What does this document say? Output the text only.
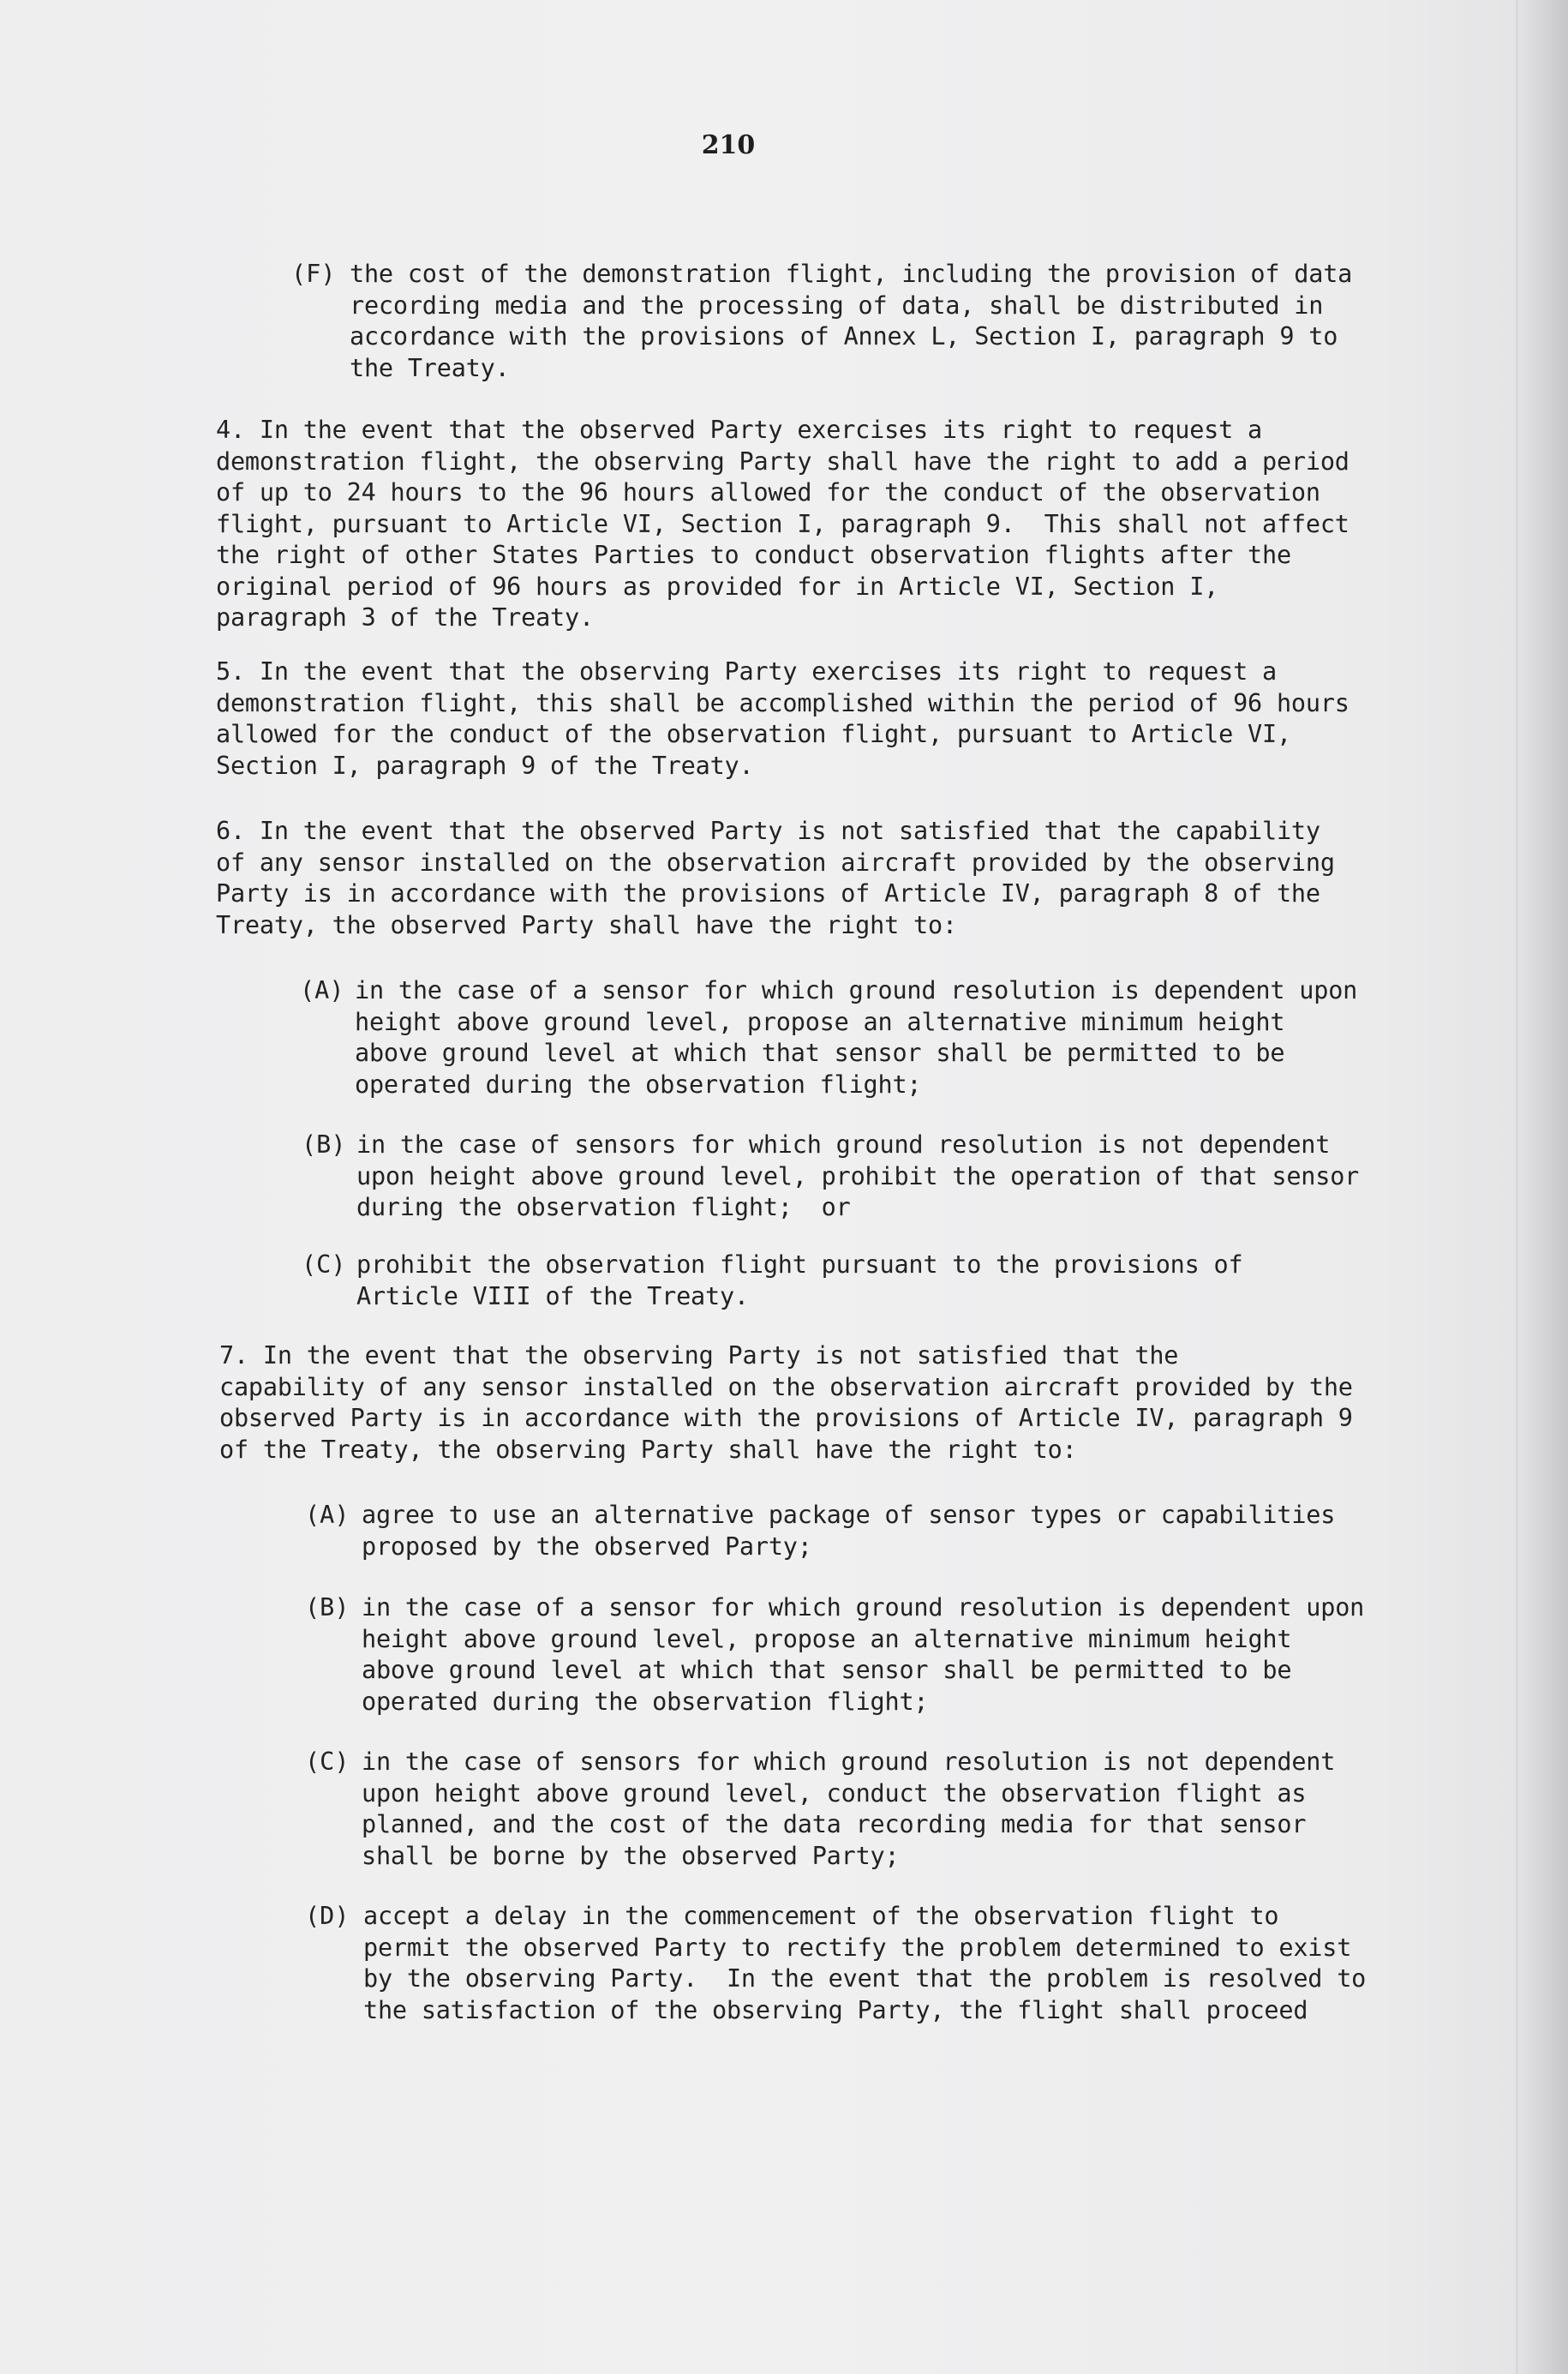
210
(F) the cost of the demonstration flight, including the provision of data
recording media and the processing of data, shall be distributed in
accordance with the provisions of Annex L, Section I, paragraph 9 to
the Treaty.
4. In the event that the observed Party exercises its right to request a
demonstration flight, the observing Party shall have the right to add a period
of up to 24 hours to the 96 hours allowed for the conduct of the observation
flight, pursuant to Article VI, Section I, paragraph 9.  This shall not affect
the right of other States Parties to conduct observation flights after the
original period of 96 hours as provided for in Article VI, Section I,
paragraph 3 of the Treaty.
5. In the event that the observing Party exercises its right to request a
demonstration flight, this shall be accomplished within the period of 96 hours
allowed for the conduct of the observation flight, pursuant to Article VI,
Section I, paragraph 9 of the Treaty.
6. In the event that the observed Party is not satisfied that the capability
of any sensor installed on the observation aircraft provided by the observing
Party is in accordance with the provisions of Article IV, paragraph 8 of the
Treaty, the observed Party shall have the right to:
(A) in the case of a sensor for which ground resolution is dependent upon
height above ground level, propose an alternative minimum height
above ground level at which that sensor shall be permitted to be
operated during the observation flight;
(B) in the case of sensors for which ground resolution is not dependent
upon height above ground level, prohibit the operation of that sensor
during the observation flight;  or
(C) prohibit the observation flight pursuant to the provisions of
Article VIII of the Treaty.
7. In the event that the observing Party is not satisfied that the
capability of any sensor installed on the observation aircraft provided by the
observed Party is in accordance with the provisions of Article IV, paragraph 9
of the Treaty, the observing Party shall have the right to:
(A) agree to use an alternative package of sensor types or capabilities
proposed by the observed Party;
(B) in the case of a sensor for which ground resolution is dependent upon
height above ground level, propose an alternative minimum height
above ground level at which that sensor shall be permitted to be
operated during the observation flight;
(C) in the case of sensors for which ground resolution is not dependent
upon height above ground level, conduct the observation flight as
planned, and the cost of the data recording media for that sensor
shall be borne by the observed Party;
(D) accept a delay in the commencement of the observation flight to
permit the observed Party to rectify the problem determined to exist
by the observing Party.  In the event that the problem is resolved to
the satisfaction of the observing Party, the flight shall proceed
